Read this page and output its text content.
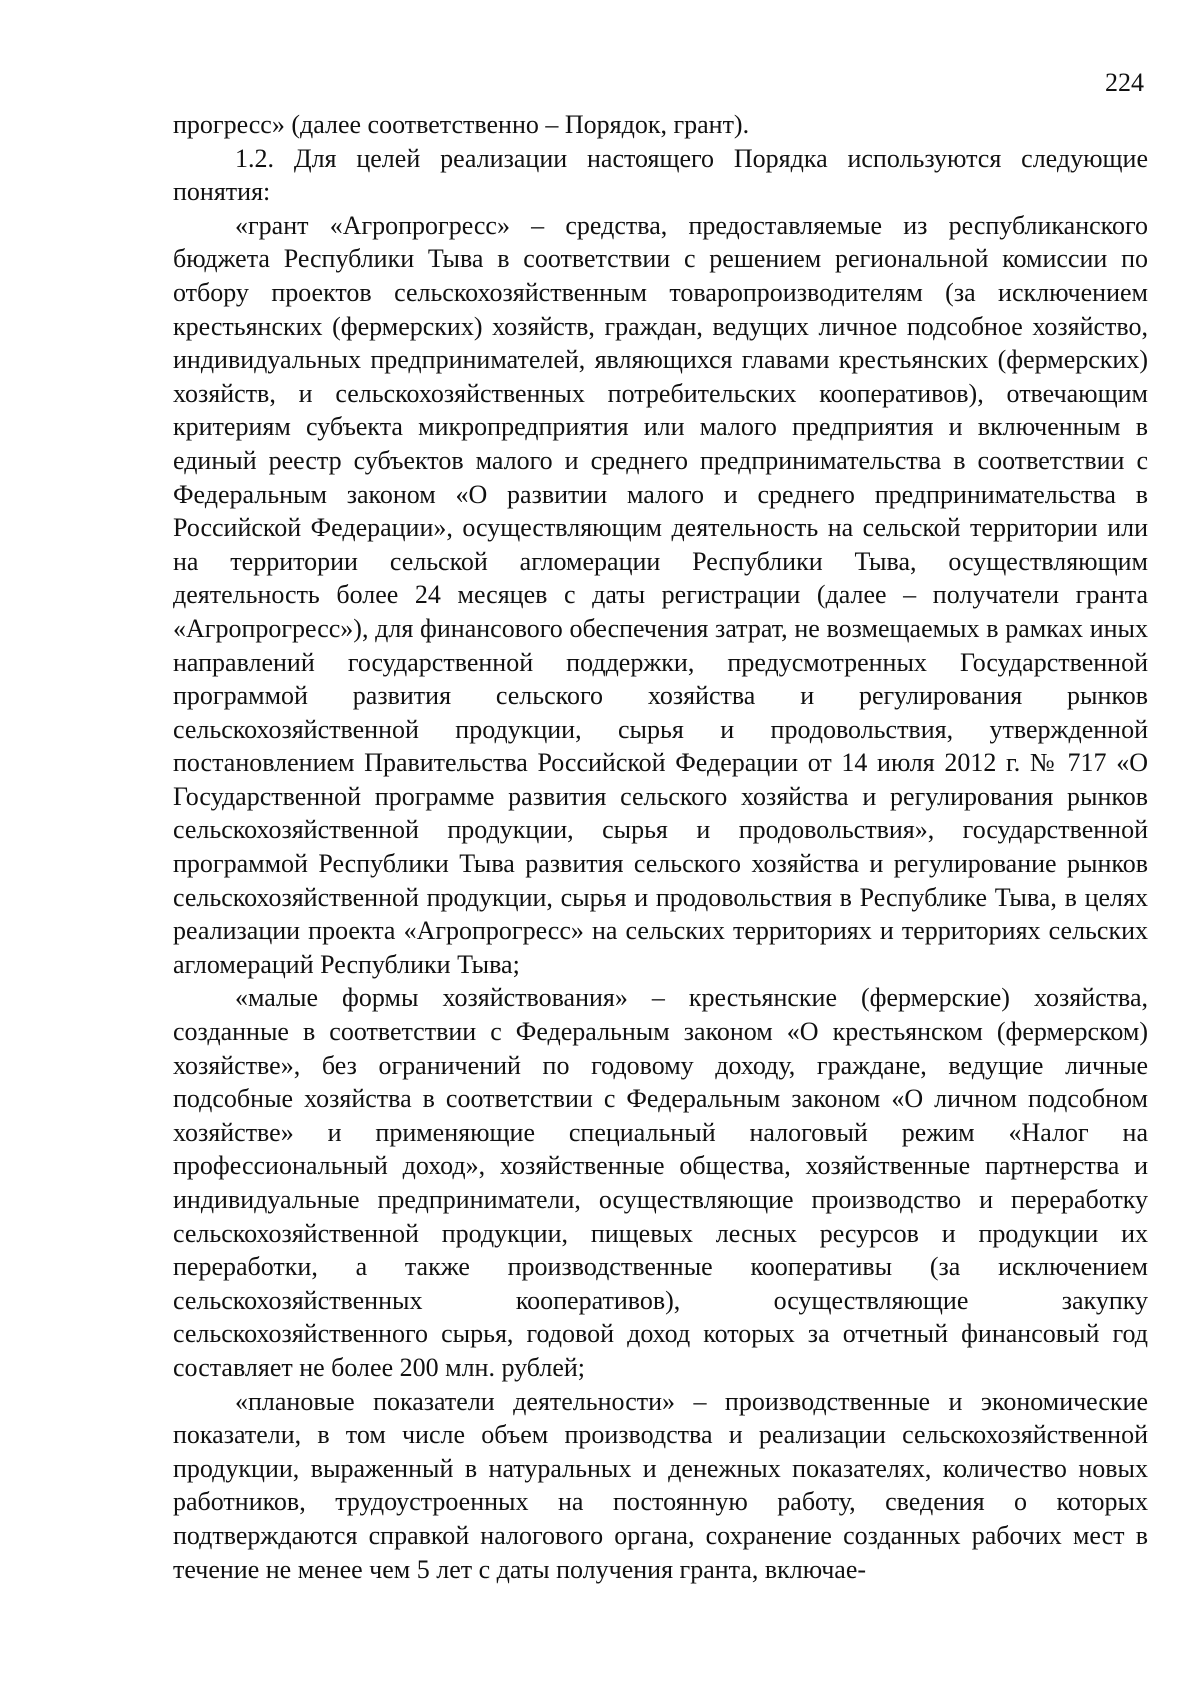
224

прогресс» (далее соответственно – Порядок, грант).

1.2. Для целей реализации настоящего Порядка используются следующие понятия:

«грант «Агропрогресс» – средства, предоставляемые из республиканского бюджета Республики Тыва в соответствии с решением региональной комиссии по отбору проектов сельскохозяйственным товаропроизводителям (за исключением крестьянских (фермерских) хозяйств, граждан, ведущих личное подсобное хозяйство, индивидуальных предпринимателей, являющихся главами крестьянских (фермерских) хозяйств, и сельскохозяйственных потребительских кооперативов), отвечающим критериям субъекта микропредприятия или малого предприятия и включенным в единый реестр субъектов малого и среднего предпринимательства в соответствии с Федеральным законом «О развитии малого и среднего предпринимательства в Российской Федерации», осуществляющим деятельность на сельской территории или на территории сельской агломерации Республики Тыва, осуществляющим деятельность более 24 месяцев с даты регистрации (далее – получатели гранта «Агропрогресс»), для финансового обеспечения затрат, не возмещаемых в рамках иных направлений государственной поддержки, предусмотренных Государственной программой развития сельского хозяйства и регулирования рынков сельскохозяйственной продукции, сырья и продовольствия, утвержденной постановлением Правительства Российской Федерации от 14 июля 2012 г. № 717 «О Государственной программе развития сельского хозяйства и регулирования рынков сельскохозяйственной продукции, сырья и продовольствия», государственной программой Республики Тыва развития сельского хозяйства и регулирование рынков сельскохозяйственной продукции, сырья и продовольствия в Республике Тыва, в целях реализации проекта «Агропрогресс» на сельских территориях и территориях сельских агломераций Республики Тыва;

«малые формы хозяйствования» – крестьянские (фермерские) хозяйства, созданные в соответствии с Федеральным законом «О крестьянском (фермерском) хозяйстве», без ограничений по годовому доходу, граждане, ведущие личные подсобные хозяйства в соответствии с Федеральным законом «О личном подсобном хозяйстве» и применяющие специальный налоговый режим «Налог на профессиональный доход», хозяйственные общества, хозяйственные партнерства и индивидуальные предприниматели, осуществляющие производство и переработку сельскохозяйственной продукции, пищевых лесных ресурсов и продукции их переработки, а также производственные кооперативы (за исключением сельскохозяйственных кооперативов), осуществляющие закупку сельскохозяйственного сырья, годовой доход которых за отчетный финансовый год составляет не более 200 млн. рублей;

«плановые показатели деятельности» – производственные и экономические показатели, в том числе объем производства и реализации сельскохозяйственной продукции, выраженный в натуральных и денежных показателях, количество новых работников, трудоустроенных на постоянную работу, сведения о которых подтверждаются справкой налогового органа, сохранение созданных рабочих мест в течение не менее чем 5 лет с даты получения гранта, включае-
